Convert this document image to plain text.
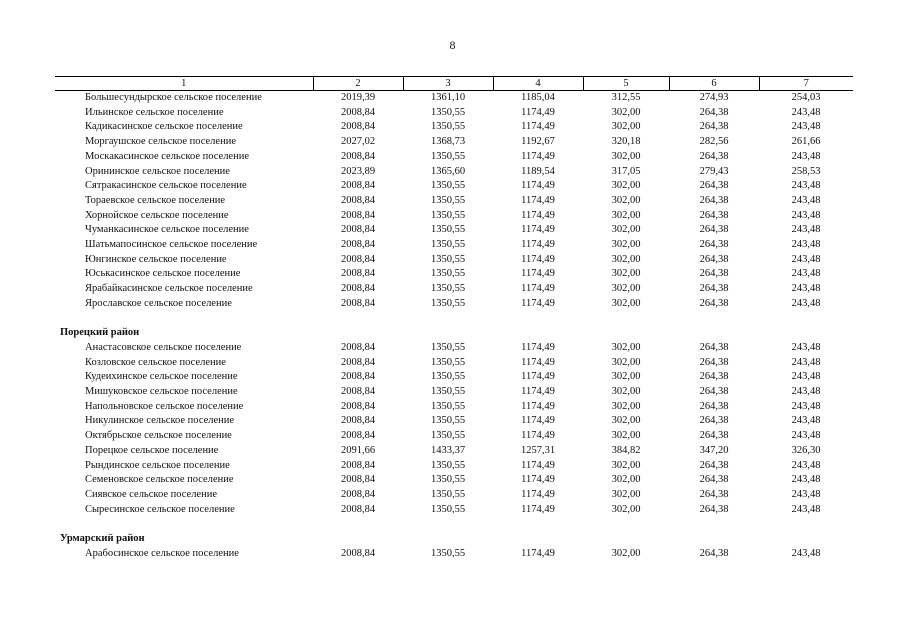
8
1	2	3	4	5	6	7
Большесундырское сельское поселение	2019,39	1361,10	1185,04	312,55	274,93	254,03
Ильинское сельское поселение	2008,84	1350,55	1174,49	302,00	264,38	243,48
Кадикасинское сельское поселение	2008,84	1350,55	1174,49	302,00	264,38	243,48
Моргаушское сельское поселение	2027,02	1368,73	1192,67	320,18	282,56	261,66
Москакасинское сельское поселение	2008,84	1350,55	1174,49	302,00	264,38	243,48
Орининское сельское поселение	2023,89	1365,60	1189,54	317,05	279,43	258,53
Сятракасинское сельское поселение	2008,84	1350,55	1174,49	302,00	264,38	243,48
Тораевское сельское поселение	2008,84	1350,55	1174,49	302,00	264,38	243,48
Хорнойское сельское поселение	2008,84	1350,55	1174,49	302,00	264,38	243,48
Чуманкасинское сельское поселение	2008,84	1350,55	1174,49	302,00	264,38	243,48
Шатьмапосинское сельское поселение	2008,84	1350,55	1174,49	302,00	264,38	243,48
Юнгинское сельское поселение	2008,84	1350,55	1174,49	302,00	264,38	243,48
Юськасинское сельское поселение	2008,84	1350,55	1174,49	302,00	264,38	243,48
Ярабайкасинское сельское поселение	2008,84	1350,55	1174,49	302,00	264,38	243,48
Ярославское сельское поселение	2008,84	1350,55	1174,49	302,00	264,38	243,48

Порецкий район						
Анастасовское сельское поселение	2008,84	1350,55	1174,49	302,00	264,38	243,48
Козловское сельское поселение	2008,84	1350,55	1174,49	302,00	264,38	243,48
Кудеихинское сельское поселение	2008,84	1350,55	1174,49	302,00	264,38	243,48
Мишуковское сельское поселение	2008,84	1350,55	1174,49	302,00	264,38	243,48
Напольновское сельское поселение	2008,84	1350,55	1174,49	302,00	264,38	243,48
Никулинское сельское поселение	2008,84	1350,55	1174,49	302,00	264,38	243,48
Октябрьское сельское поселение	2008,84	1350,55	1174,49	302,00	264,38	243,48
Порецкое сельское поселение	2091,66	1433,37	1257,31	384,82	347,20	326,30
Рындинское сельское поселение	2008,84	1350,55	1174,49	302,00	264,38	243,48
Семеновское сельское поселение	2008,84	1350,55	1174,49	302,00	264,38	243,48
Сиявское сельское поселение	2008,84	1350,55	1174,49	302,00	264,38	243,48
Сыресинское сельское поселение	2008,84	1350,55	1174,49	302,00	264,38	243,48

Урмарский район						
Арабосинское сельское поселение	2008,84	1350,55	1174,49	302,00	264,38	243,48
